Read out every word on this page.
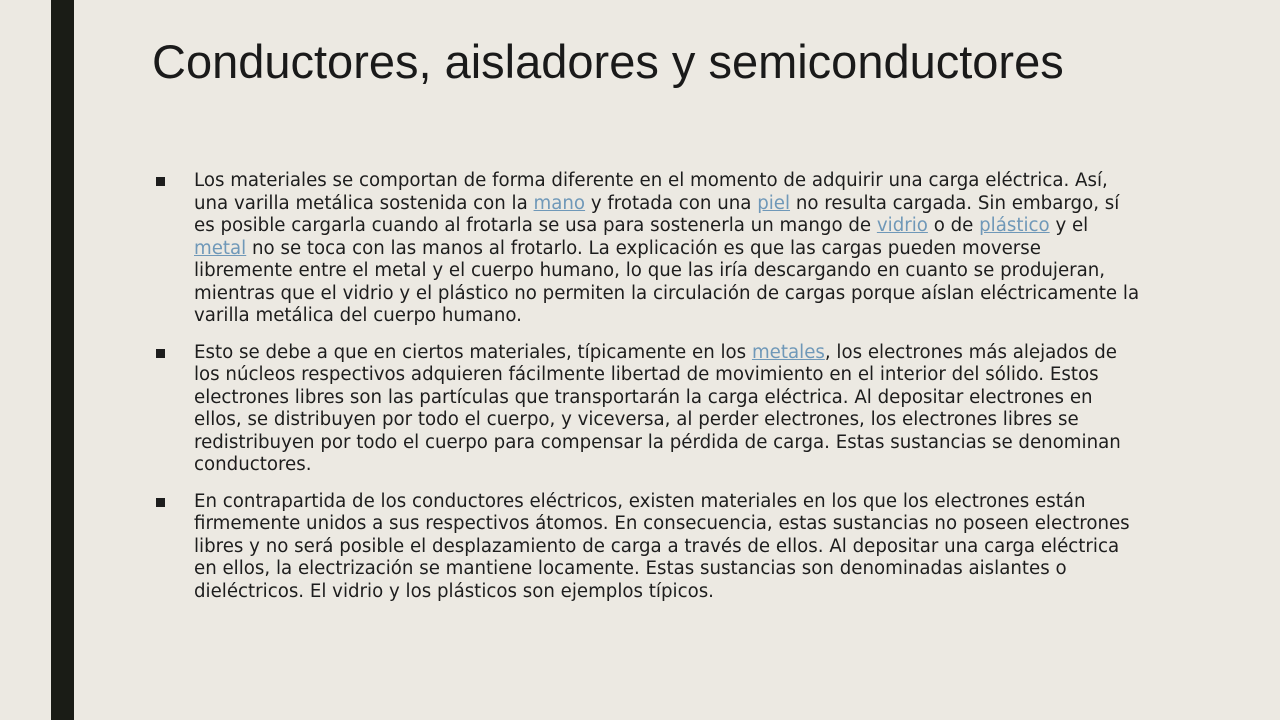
Conductores, aisladores y semiconductores
Los materiales se comportan de forma diferente en el momento de adquirir una carga eléctrica. Así, una varilla metálica sostenida con la mano y frotada con una piel no resulta cargada. Sin embargo, sí es posible cargarla cuando al frotarla se usa para sostenerla un mango de vidrio o de plástico y el metal no se toca con las manos al frotarlo. La explicación es que las cargas pueden moverse libremente entre el metal y el cuerpo humano, lo que las iría descargando en cuanto se produjeran, mientras que el vidrio y el plástico no permiten la circulación de cargas porque aíslan eléctricamente la varilla metálica del cuerpo humano.
Esto se debe a que en ciertos materiales, típicamente en los metales, los electrones más alejados de los núcleos respectivos adquieren fácilmente libertad de movimiento en el interior del sólido. Estos electrones libres son las partículas que transportarán la carga eléctrica. Al depositar electrones en ellos, se distribuyen por todo el cuerpo, y viceversa, al perder electrones, los electrones libres se redistribuyen por todo el cuerpo para compensar la pérdida de carga. Estas sustancias se denominan conductores.
En contrapartida de los conductores eléctricos, existen materiales en los que los electrones están firmemente unidos a sus respectivos átomos. En consecuencia, estas sustancias no poseen electrones libres y no será posible el desplazamiento de carga a través de ellos. Al depositar una carga eléctrica en ellos, la electrización se mantiene locamente. Estas sustancias son denominadas aislantes o dieléctricos. El vidrio y los plásticos son ejemplos típicos.
